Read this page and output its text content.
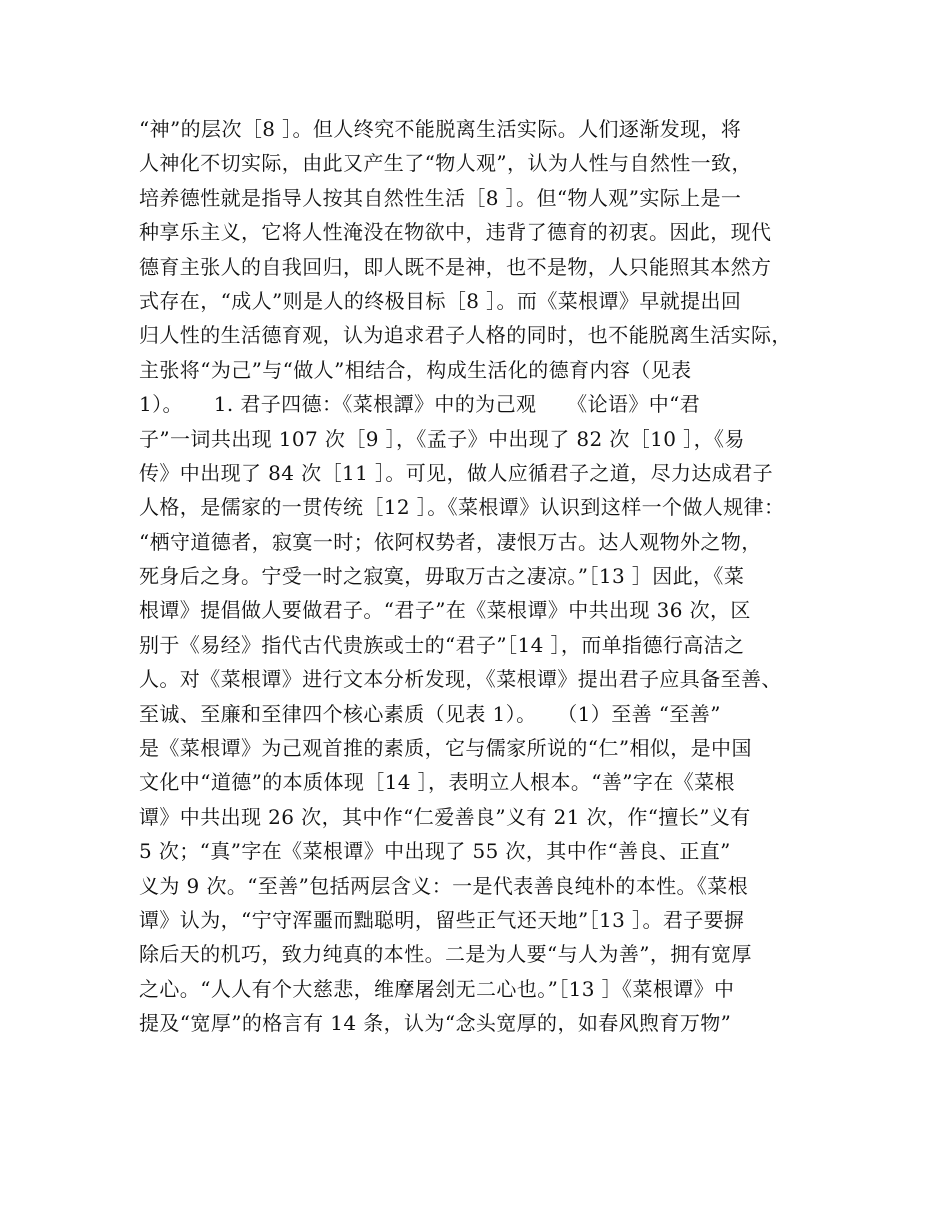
“神”的层次［8 ］。但人终究不能脱离生活实际。人们逐渐发现，将
人神化不切实际，由此又产生了“物人观”，认为人性与自然性一致，
培养德性就是指导人按其自然性生活［8 ］。但“物人观”实际上是一
种享乐主义，它将人性淹没在物欲中，违背了德育的初衷。因此，现代
德育主张人的自我回归，即人既不是神，也不是物，人只能照其本然方
式存在，“成人”则是人的终极目标［8 ］。而《菜根谭》早就提出回
归人性的生活德育观，认为追求君子人格的同时，也不能脱离生活实际，
主张将“为己”与“做人”相结合，构成生活化的德育内容（见表
1）。　　1. 君子四德：《菜根譚》中的为己观　　《论语》中“君
子”一词共出现 107 次［9 ］，《孟子》中出现了 82 次［10 ］，《易
传》中出现了 84 次［11 ］。可见，做人应循君子之道，尽力达成君子
人格，是儒家的一贯传统［12 ］。《菜根谭》认识到这样一个做人规律：
“栖守道德者，寂寞一时；依阿权势者，凄恨万古。达人观物外之物，
死身后之身。宁受一时之寂寞，毋取万古之凄凉。”［13 ］因此，《菜
根谭》提倡做人要做君子。“君子”在《菜根谭》中共出现 36 次，区
别于《易经》指代古代贵族或士的“君子”［14 ］，而单指德行高洁之
人。对《菜根谭》进行文本分析发现，《菜根谭》提出君子应具备至善、
至诚、至廉和至律四个核心素质（见表 1）。　　（1）至善 “至善”
是《菜根谭》为己观首推的素质，它与儒家所说的“仁”相似，是中国
文化中“道德”的本质体现［14 ］，表明立人根本。“善”字在《菜根
谭》中共出现 26 次，其中作“仁爱善良”义有 21 次，作“擅长”义有
5 次；“真”字在《菜根谭》中出现了 55 次，其中作“善良、正直”
义为 9 次。“至善”包括两层含义：一是代表善良纯朴的本性。《菜根
谭》认为，“宁守浑噩而黜聪明，留些正气还天地”［13 ］。君子要摒
除后天的机巧，致力纯真的本性。二是为人要“与人为善”，拥有宽厚
之心。“人人有个大慈悲，维摩屠刽无二心也。”［13 ］《菜根谭》中
提及“宽厚”的格言有 14 条，认为“念头宽厚的，如春风煦育万物”
